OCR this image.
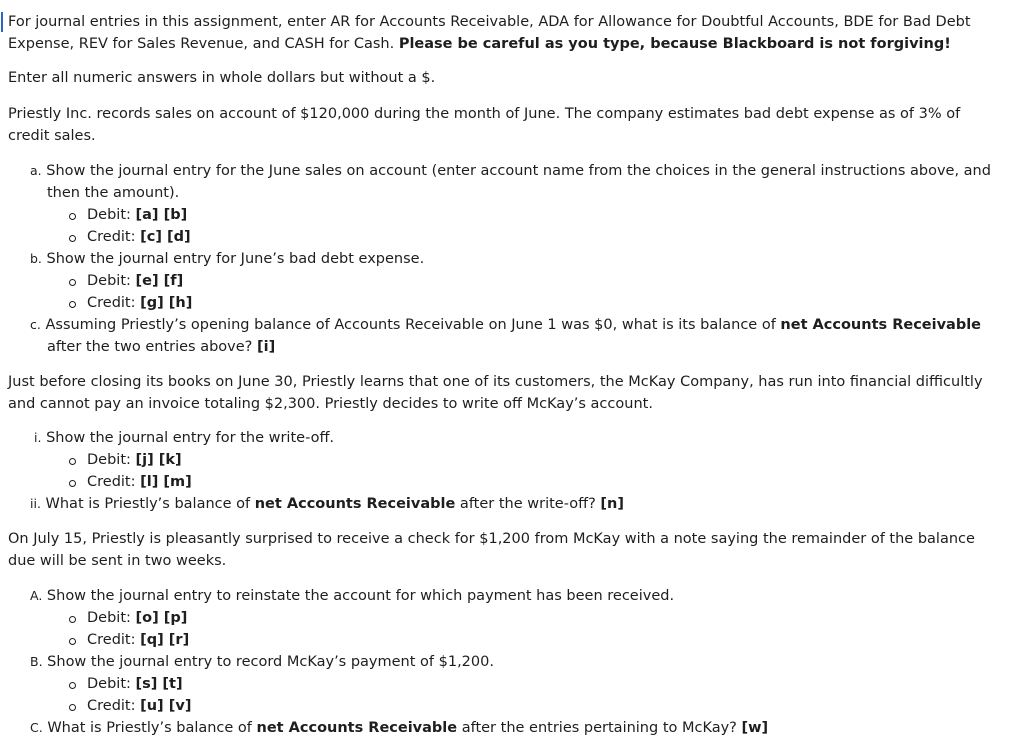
For journal entries in this assignment, enter AR for Accounts Receivable, ADA for Allowance for Doubtful Accounts, BDE for Bad Debt
Expense, REV for Sales Revenue, and CASH for Cash. Please be careful as you type, because Blackboard is not forgiving!
Enter all numeric answers in whole dollars but without a $.
Priestly Inc. records sales on account of $120,000 during the month of June. The company estimates bad debt expense as of 3% of
credit sales.
a. Show the journal entry for the June sales on account (enter account name from the choices in the general instructions above, and
then the amount).
Debit: [a] [b]
Credit: [c] [d]
b. Show the journal entry for June’s bad debt expense.
Debit: [e] [f]
Credit: [g] [h]
c. Assuming Priestly’s opening balance of Accounts Receivable on June 1 was $0, what is its balance of net Accounts Receivable
after the two entries above? [i]
Just before closing its books on June 30, Priestly learns that one of its customers, the McKay Company, has run into financial difficultly
and cannot pay an invoice totaling $2,300. Priestly decides to write off McKay’s account.
i. Show the journal entry for the write-off.
Debit: [j] [k]
Credit: [l] [m]
ii. What is Priestly’s balance of net Accounts Receivable after the write-off? [n]
On July 15, Priestly is pleasantly surprised to receive a check for $1,200 from McKay with a note saying the remainder of the balance
due will be sent in two weeks.
A. Show the journal entry to reinstate the account for which payment has been received.
Debit: [o] [p]
Credit: [q] [r]
B. Show the journal entry to record McKay’s payment of $1,200.
Debit: [s] [t]
Credit: [u] [v]
C. What is Priestly’s balance of net Accounts Receivable after the entries pertaining to McKay? [w]
